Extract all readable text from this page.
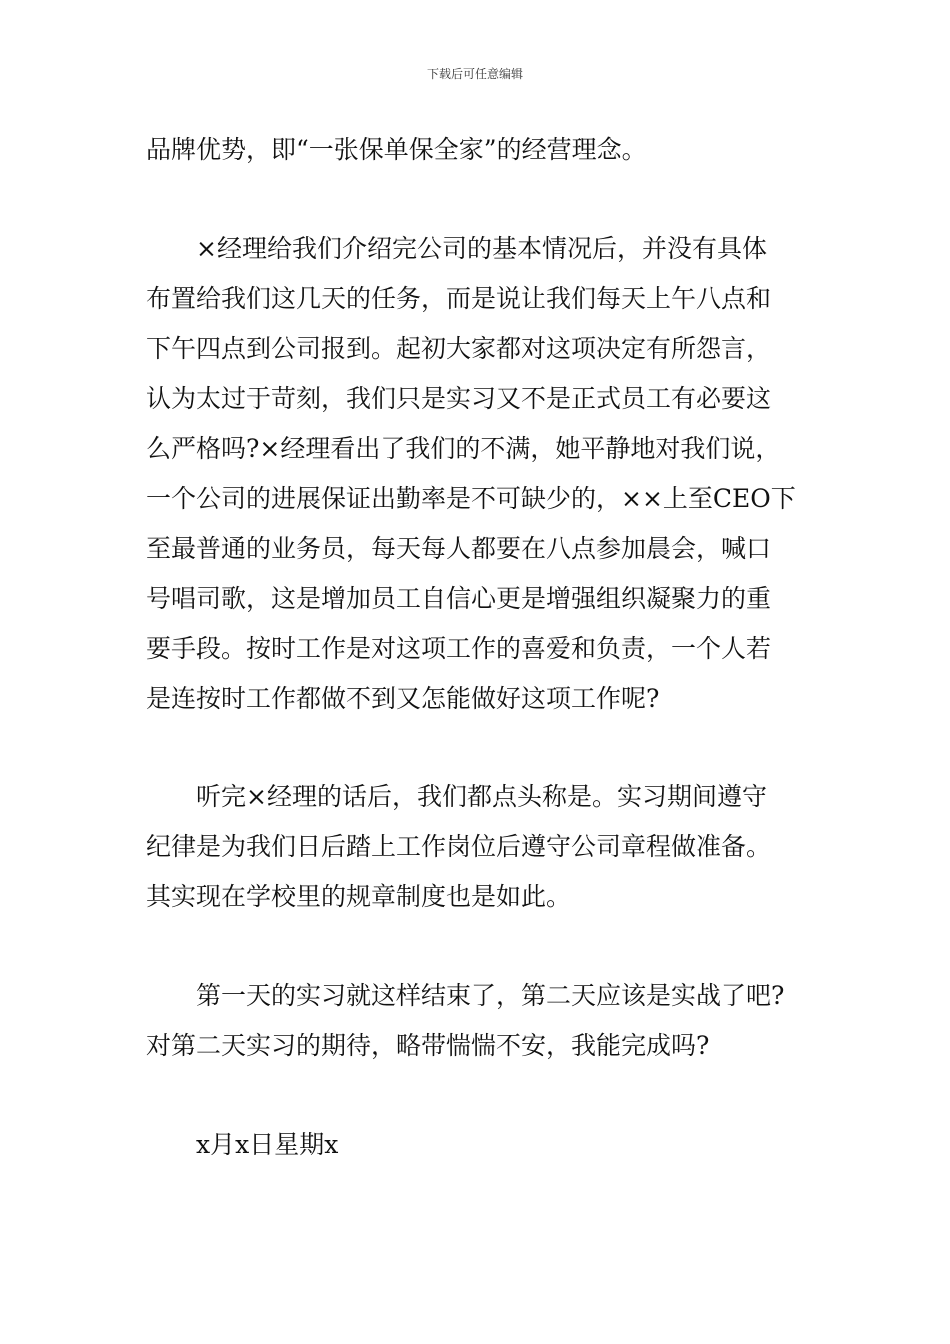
下载后可任意编辑
品牌优势，即“一张保单保全家”的经营理念。
×经理给我们介绍完公司的基本情况后，并没有具体
布置给我们这几天的任务，而是说让我们每天上午八点和
下午四点到公司报到。起初大家都对这项决定有所怨言，
认为太过于苛刻，我们只是实习又不是正式员工有必要这
么严格吗?×经理看出了我们的不满，她平静地对我们说，
一个公司的进展保证出勤率是不可缺少的，××上至CEO下
至最普通的业务员，每天每人都要在八点参加晨会，喊口
号唱司歌，这是增加员工自信心更是增强组织凝聚力的重
要手段。按时工作是对这项工作的喜爱和负责，一个人若
是连按时工作都做不到又怎能做好这项工作呢?
听完×经理的话后，我们都点头称是。实习期间遵守
纪律是为我们日后踏上工作岗位后遵守公司章程做准备。
其实现在学校里的规章制度也是如此。
第一天的实习就这样结束了，第二天应该是实战了吧?
对第二天实习的期待，略带惴惴不安，我能完成吗?
x月x日星期x
